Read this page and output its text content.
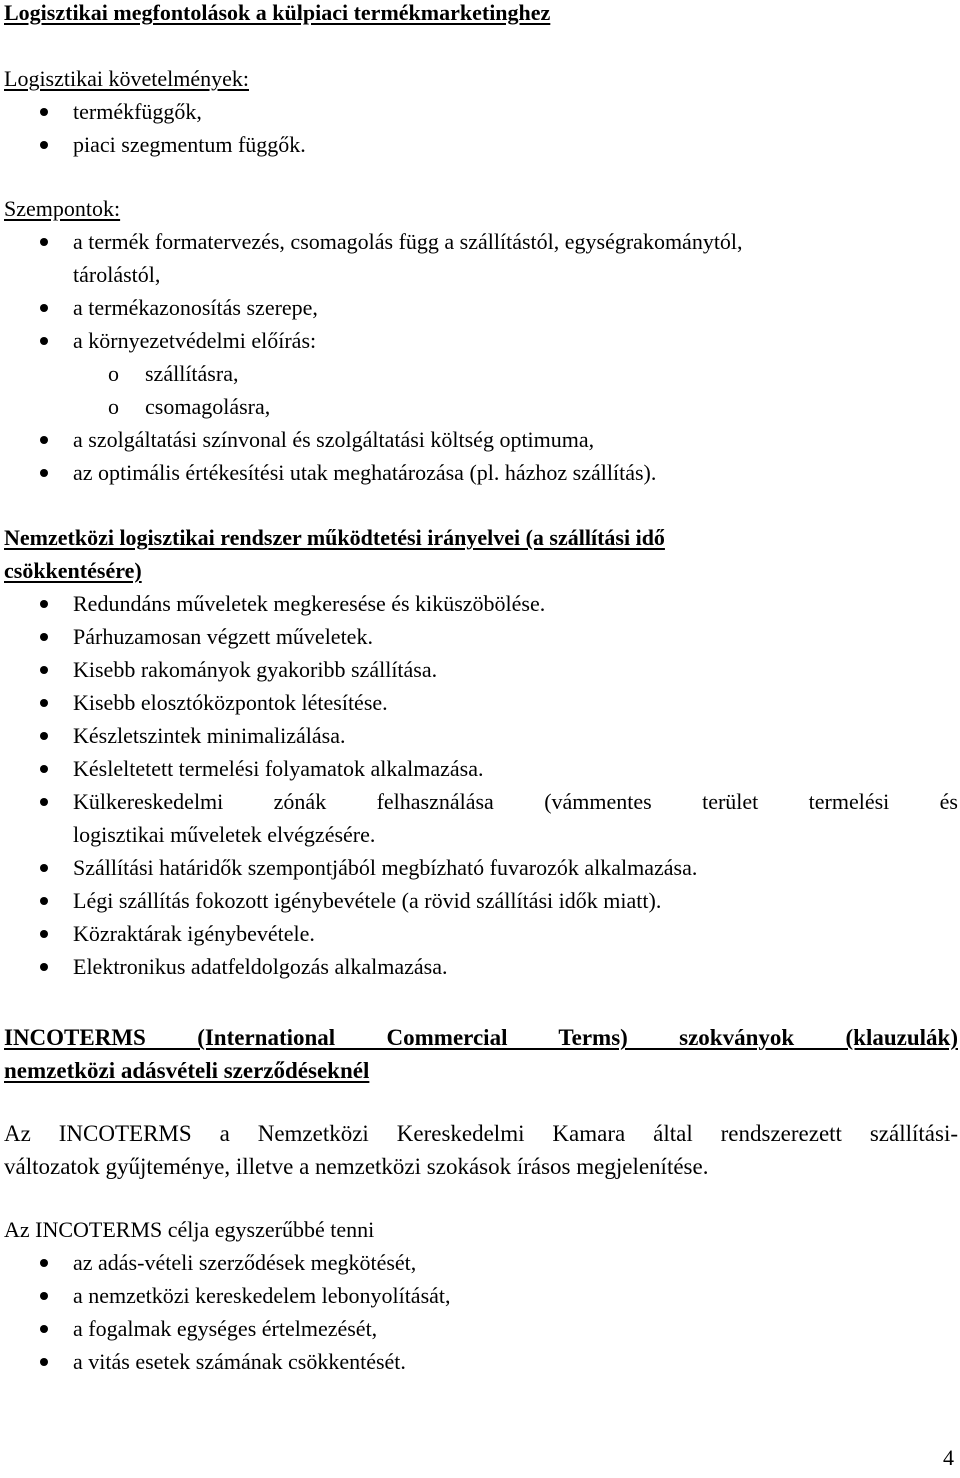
Logisztikai megfontolások a külpiaci termékmarketinghez
Logisztikai követelmények:
termékfüggők,
piaci szegmentum függők.
Szempontok:
a termék formatervezés, csomagolás függ a szállítástól, egységrakománytól,
tárolástól,
a termékazonosítás szerepe,
a környezetvédelmi előírás:
o szállításra,
o csomagolásra,
a szolgáltatási színvonal és szolgáltatási költség optimuma,
az optimális értékesítési utak meghatározása (pl. házhoz szállítás).
Nemzetközi logisztikai rendszer működtetési irányelvei (a szállítási idő
csökkentésére)
Redundáns műveletek megkeresése és kiküszöbölése.
Párhuzamosan végzett műveletek.
Kisebb rakományok gyakoribb szállítása.
Kisebb elosztóközpontok létesítése.
Készletszintek minimalizálása.
Késleltetett termelési folyamatok alkalmazása.
Külkereskedelmi zónák felhasználása (vámmentes terület termelési és
logisztikai műveletek elvégzésére.
Szállítási határidők szempontjából megbízható fuvarozók alkalmazása.
Légi szállítás fokozott igénybevétele (a rövid szállítási idők miatt).
Közraktárak igénybevétele.
Elektronikus adatfeldolgozás alkalmazása.
INCOTERMS (International Commercial Terms) szokványok (klauzulák)
nemzetközi adásvételi szerződéseknél
Az INCOTERMS a Nemzetközi Kereskedelmi Kamara által rendszerezett szállítási-
változatok gyűjteménye, illetve a nemzetközi szokások írásos megjelenítése.
Az INCOTERMS célja egyszerűbbé tenni
az adás-vételi szerződések megkötését,
a nemzetközi kereskedelem lebonyolítását,
a fogalmak egységes értelmezését,
a vitás esetek számának csökkentését.
4
